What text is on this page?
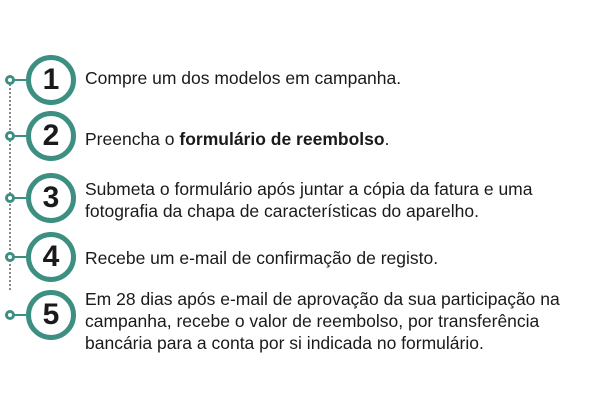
1 Compre um dos modelos em campanha.
2 Preencha o formulário de reembolso.
3 Submeta o formulário após juntar a cópia da fatura e uma fotografia da chapa de características do aparelho.
4 Recebe um e-mail de confirmação de registo.
5 Em 28 dias após e-mail de aprovação da sua participação na campanha, recebe o valor de reembolso, por transferência bancária para a conta por si indicada no formulário.
